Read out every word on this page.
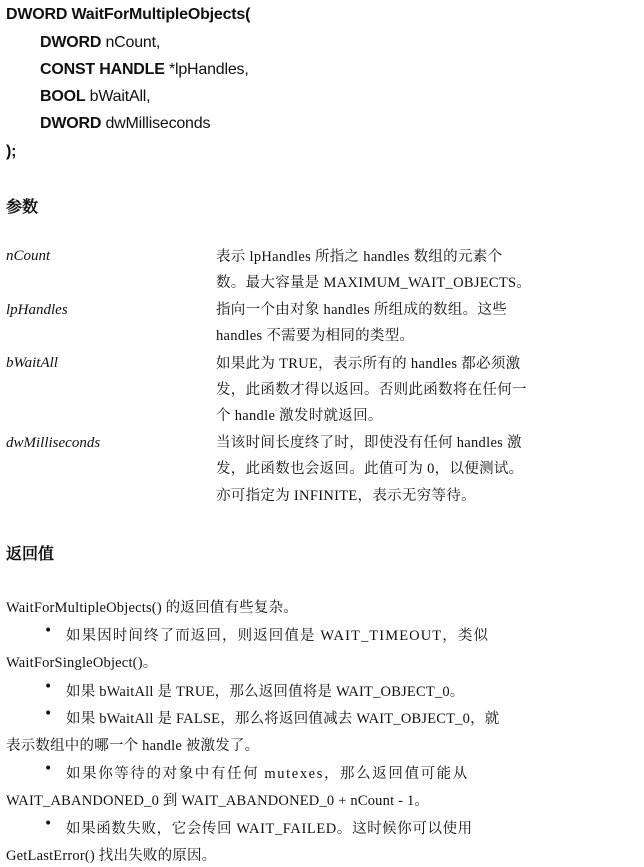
DWORD WaitForMultipleObjects(
DWORD nCount,
CONST HANDLE *lpHandles,
BOOL bWaitAll,
DWORD dwMilliseconds
);
参数
nCount	表示 lpHandles 所指之 handles 数组的元素个
数。最大容量是 MAXIMUM_WAIT_OBJECTS。
lpHandles	指向一个由对象 handles 所组成的数组。这些
handles 不需要为相同的类型。
bWaitAll	如果此为 TRUE，表示所有的 handles 都必须激
发，此函数才得以返回。否则此函数将在任何一
个 handle 激发时就返回。
dwMilliseconds	当该时间长度终了时，即使没有任何 handles 激
发，此函数也会返回。此值可为 0，以便测试。
亦可指定为 INFINITE，表示无穷等待。
返回值
WaitForMultipleObjects() 的返回值有些复杂。
• 如果因时间终了而返回，则返回值是 WAIT_TIMEOUT，类似
WaitForSingleObject()。
• 如果 bWaitAll 是 TRUE，那么返回值将是 WAIT_OBJECT_0。
• 如果 bWaitAll 是 FALSE，那么将返回值减去 WAIT_OBJECT_0，就
表示数组中的哪一个 handle 被激发了。
• 如果你等待的对象中有任何 mutexes，那么返回值可能从
WAIT_ABANDONED_0 到 WAIT_ABANDONED_0 + nCount - 1。
• 如果函数失败，它会传回 WAIT_FAILED。这时候你可以使用
GetLastError() 找出失败的原因。
